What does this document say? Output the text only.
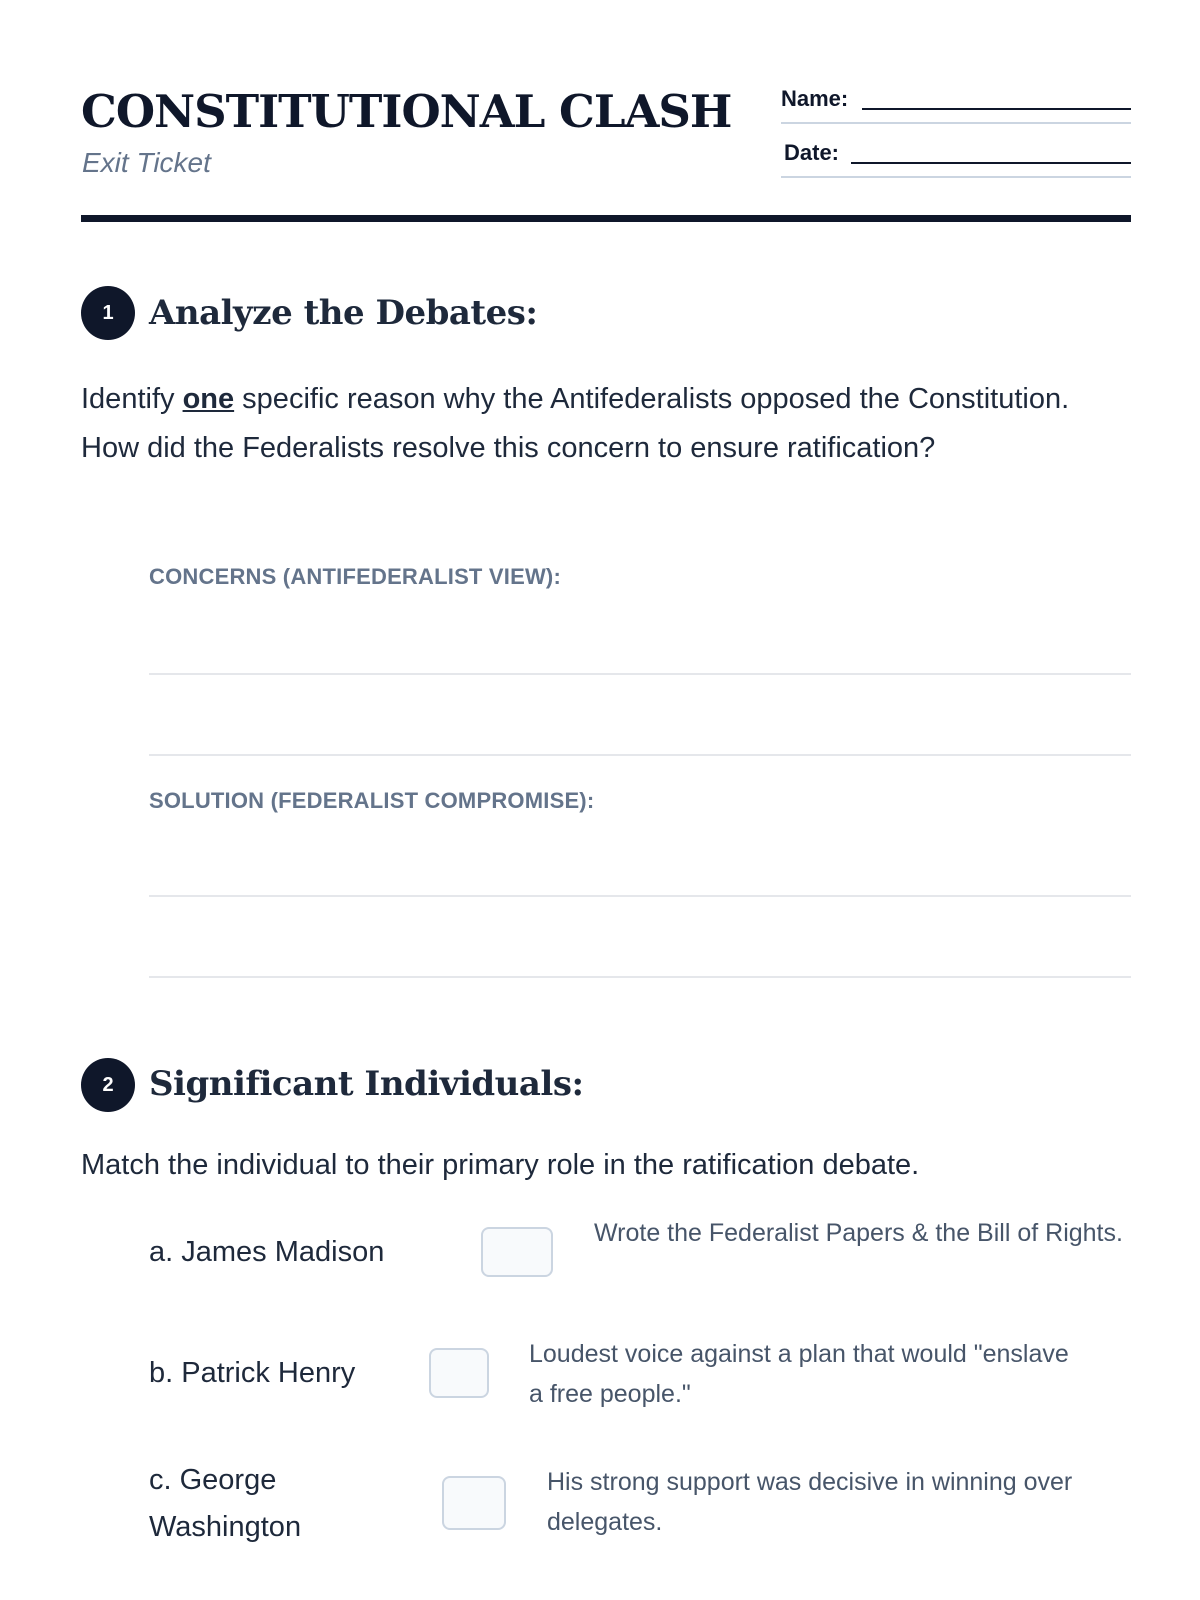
CONSTITUTIONAL CLASH
Exit Ticket
Name:
Date:
1	Analyze the Debates:

Identify one specific reason why the Antifederalists opposed the Constitution. How did the Federalists resolve this concern to ensure ratification?

CONCERNS (ANTIFEDERALIST VIEW):
SOLUTION (FEDERALIST COMPROMISE):
2	Significant Individuals:

Match the individual to their primary role in the ratification debate.

a. James Madison
Wrote the Federalist Papers & the Bill of Rights.
b. Patrick Henry
Loudest voice against a plan that would "enslave a free people."
c. George Washington
His strong support was decisive in winning over delegates.
